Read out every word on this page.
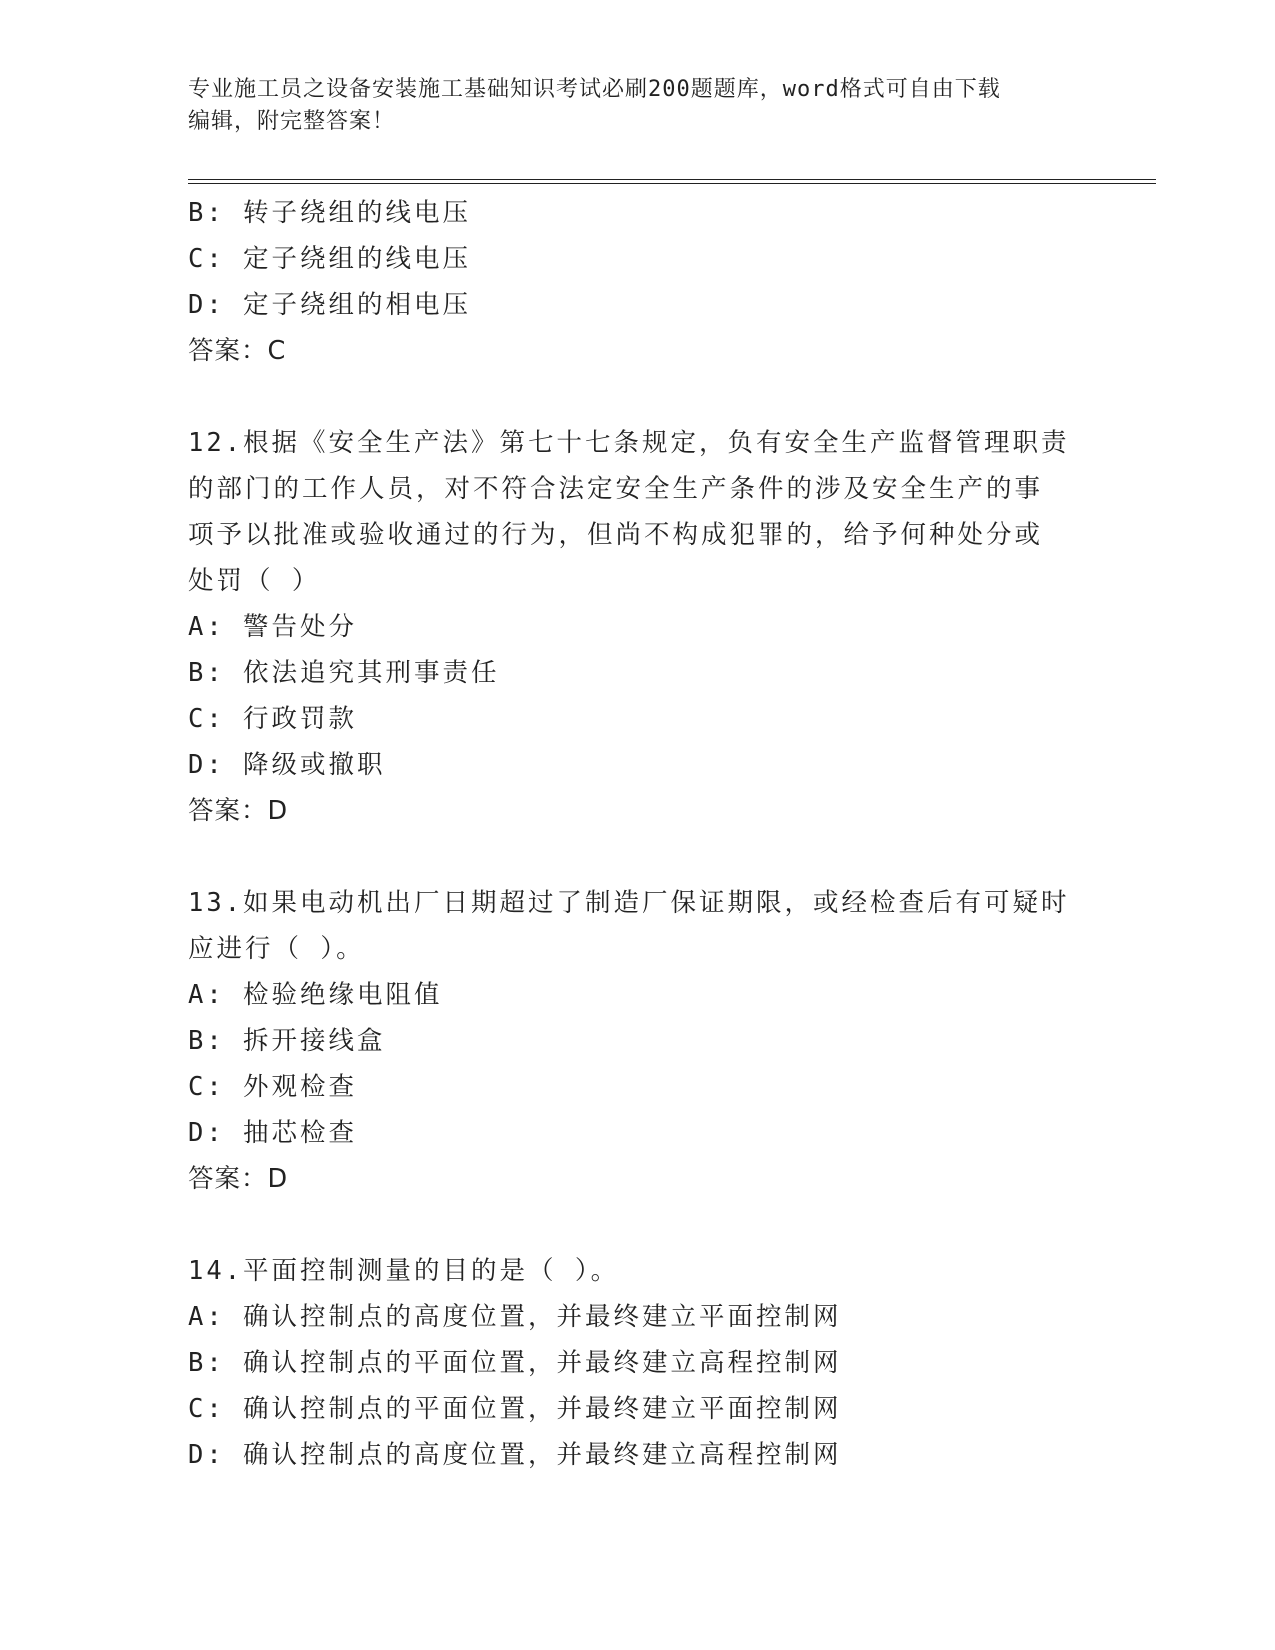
专业施工员之设备安装施工基础知识考试必刷200题题库，word格式可自由下载
编辑，附完整答案！
B: 转子绕组的线电压
C: 定子绕组的线电压
D: 定子绕组的相电压
答案：C
12.根据《安全生产法》第七十七条规定，负有安全生产监督管理职责
的部门的工作人员，对不符合法定安全生产条件的涉及安全生产的事
项予以批准或验收通过的行为，但尚不构成犯罪的，给予何种处分或
处罚（ ）
A: 警告处分
B: 依法追究其刑事责任
C: 行政罚款
D: 降级或撤职
答案：D
13.如果电动机出厂日期超过了制造厂保证期限，或经检查后有可疑时
应进行（ ）。
A: 检验绝缘电阻值
B: 拆开接线盒
C: 外观检查
D: 抽芯检查
答案：D
14.平面控制测量的目的是（ ）。
A: 确认控制点的高度位置，并最终建立平面控制网
B: 确认控制点的平面位置，并最终建立高程控制网
C: 确认控制点的平面位置，并最终建立平面控制网
D: 确认控制点的高度位置，并最终建立高程控制网
